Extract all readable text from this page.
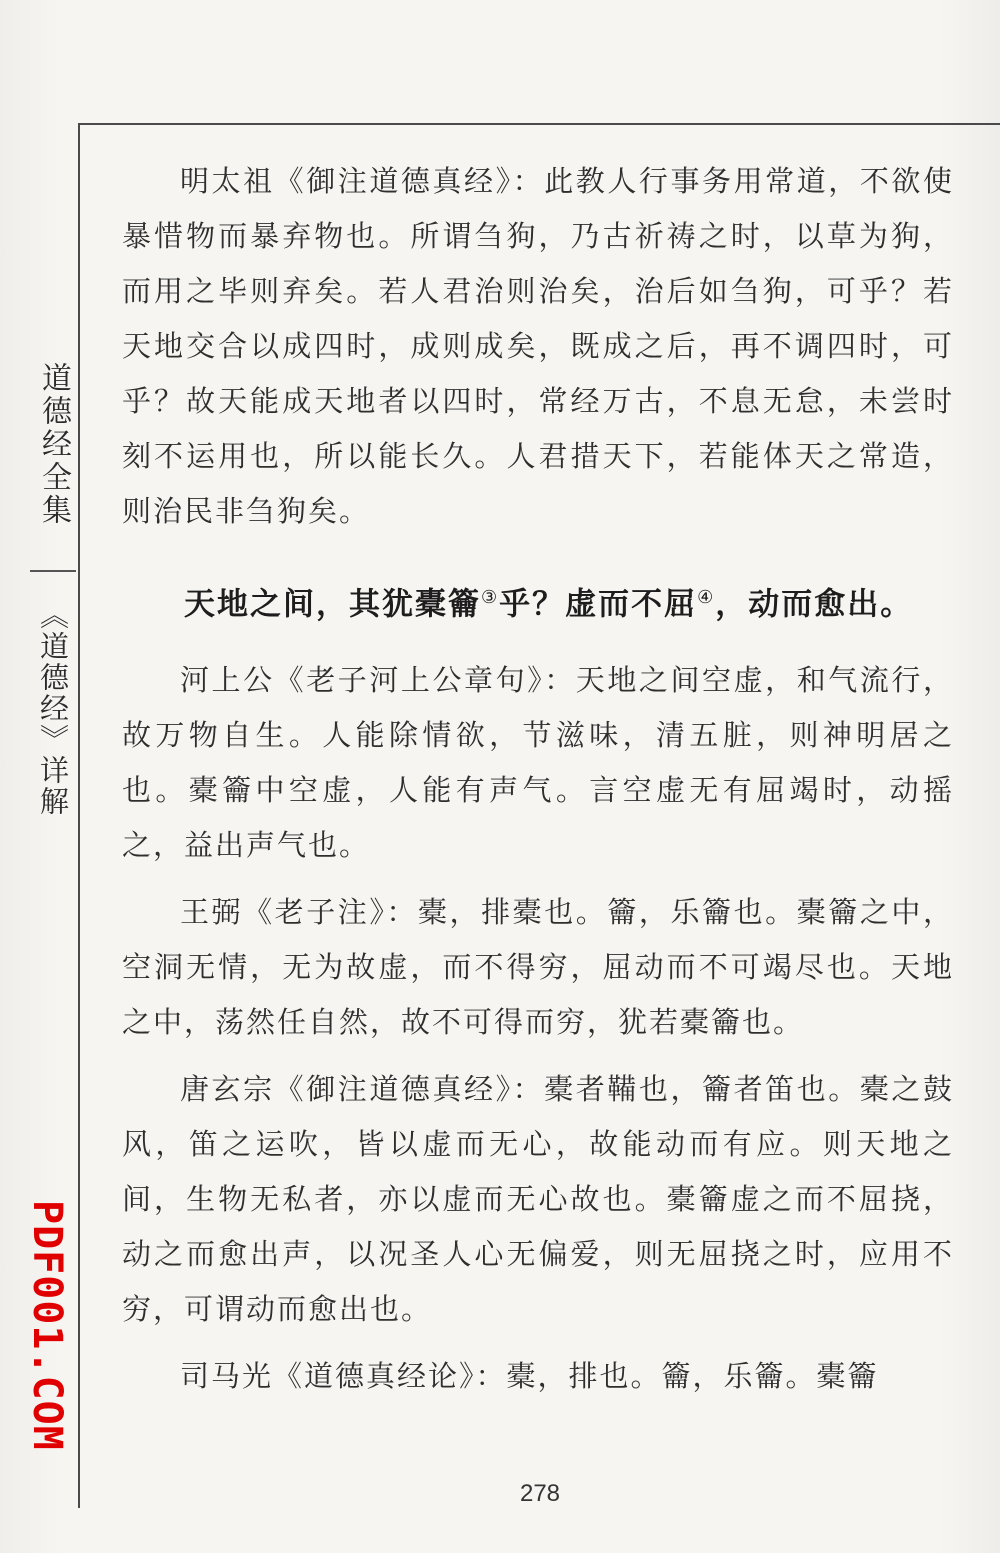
道德经全集
《道德经》详解
PDF001.COM

明太祖《御注道德真经》：此教人行事务用常道，不欲使暴惜物而暴弃物也。所谓刍狗，乃古祈祷之时，以草为狗，而用之毕则弃矣。若人君治则治矣，治后如刍狗，可乎？若天地交合以成四时，成则成矣，既成之后，再不调四时，可乎？故天能成天地者以四时，常经万古，不息无怠，未尝时刻不运用也，所以能长久。人君措天下，若能体天之常造，则治民非刍狗矣。

天地之间，其犹橐籥③乎？虚而不屈④，动而愈出。

河上公《老子河上公章句》：天地之间空虚，和气流行，故万物自生。人能除情欲，节滋味，清五脏，则神明居之也。橐籥中空虚，人能有声气。言空虚无有屈竭时，动摇之，益出声气也。

王弼《老子注》：橐，排橐也。籥，乐籥也。橐籥之中，空洞无情，无为故虚，而不得穷，屈动而不可竭尽也。天地之中，荡然任自然，故不可得而穷，犹若橐籥也。

唐玄宗《御注道德真经》：橐者鞴也，籥者笛也。橐之鼓风，笛之运吹，皆以虚而无心，故能动而有应。则天地之间，生物无私者，亦以虚而无心故也。橐籥虚之而不屈挠，动之而愈出声，以况圣人心无偏爱，则无屈挠之时，应用不穷，可谓动而愈出也。

司马光《道德真经论》：橐，排也。籥，乐籥。橐籥

278
